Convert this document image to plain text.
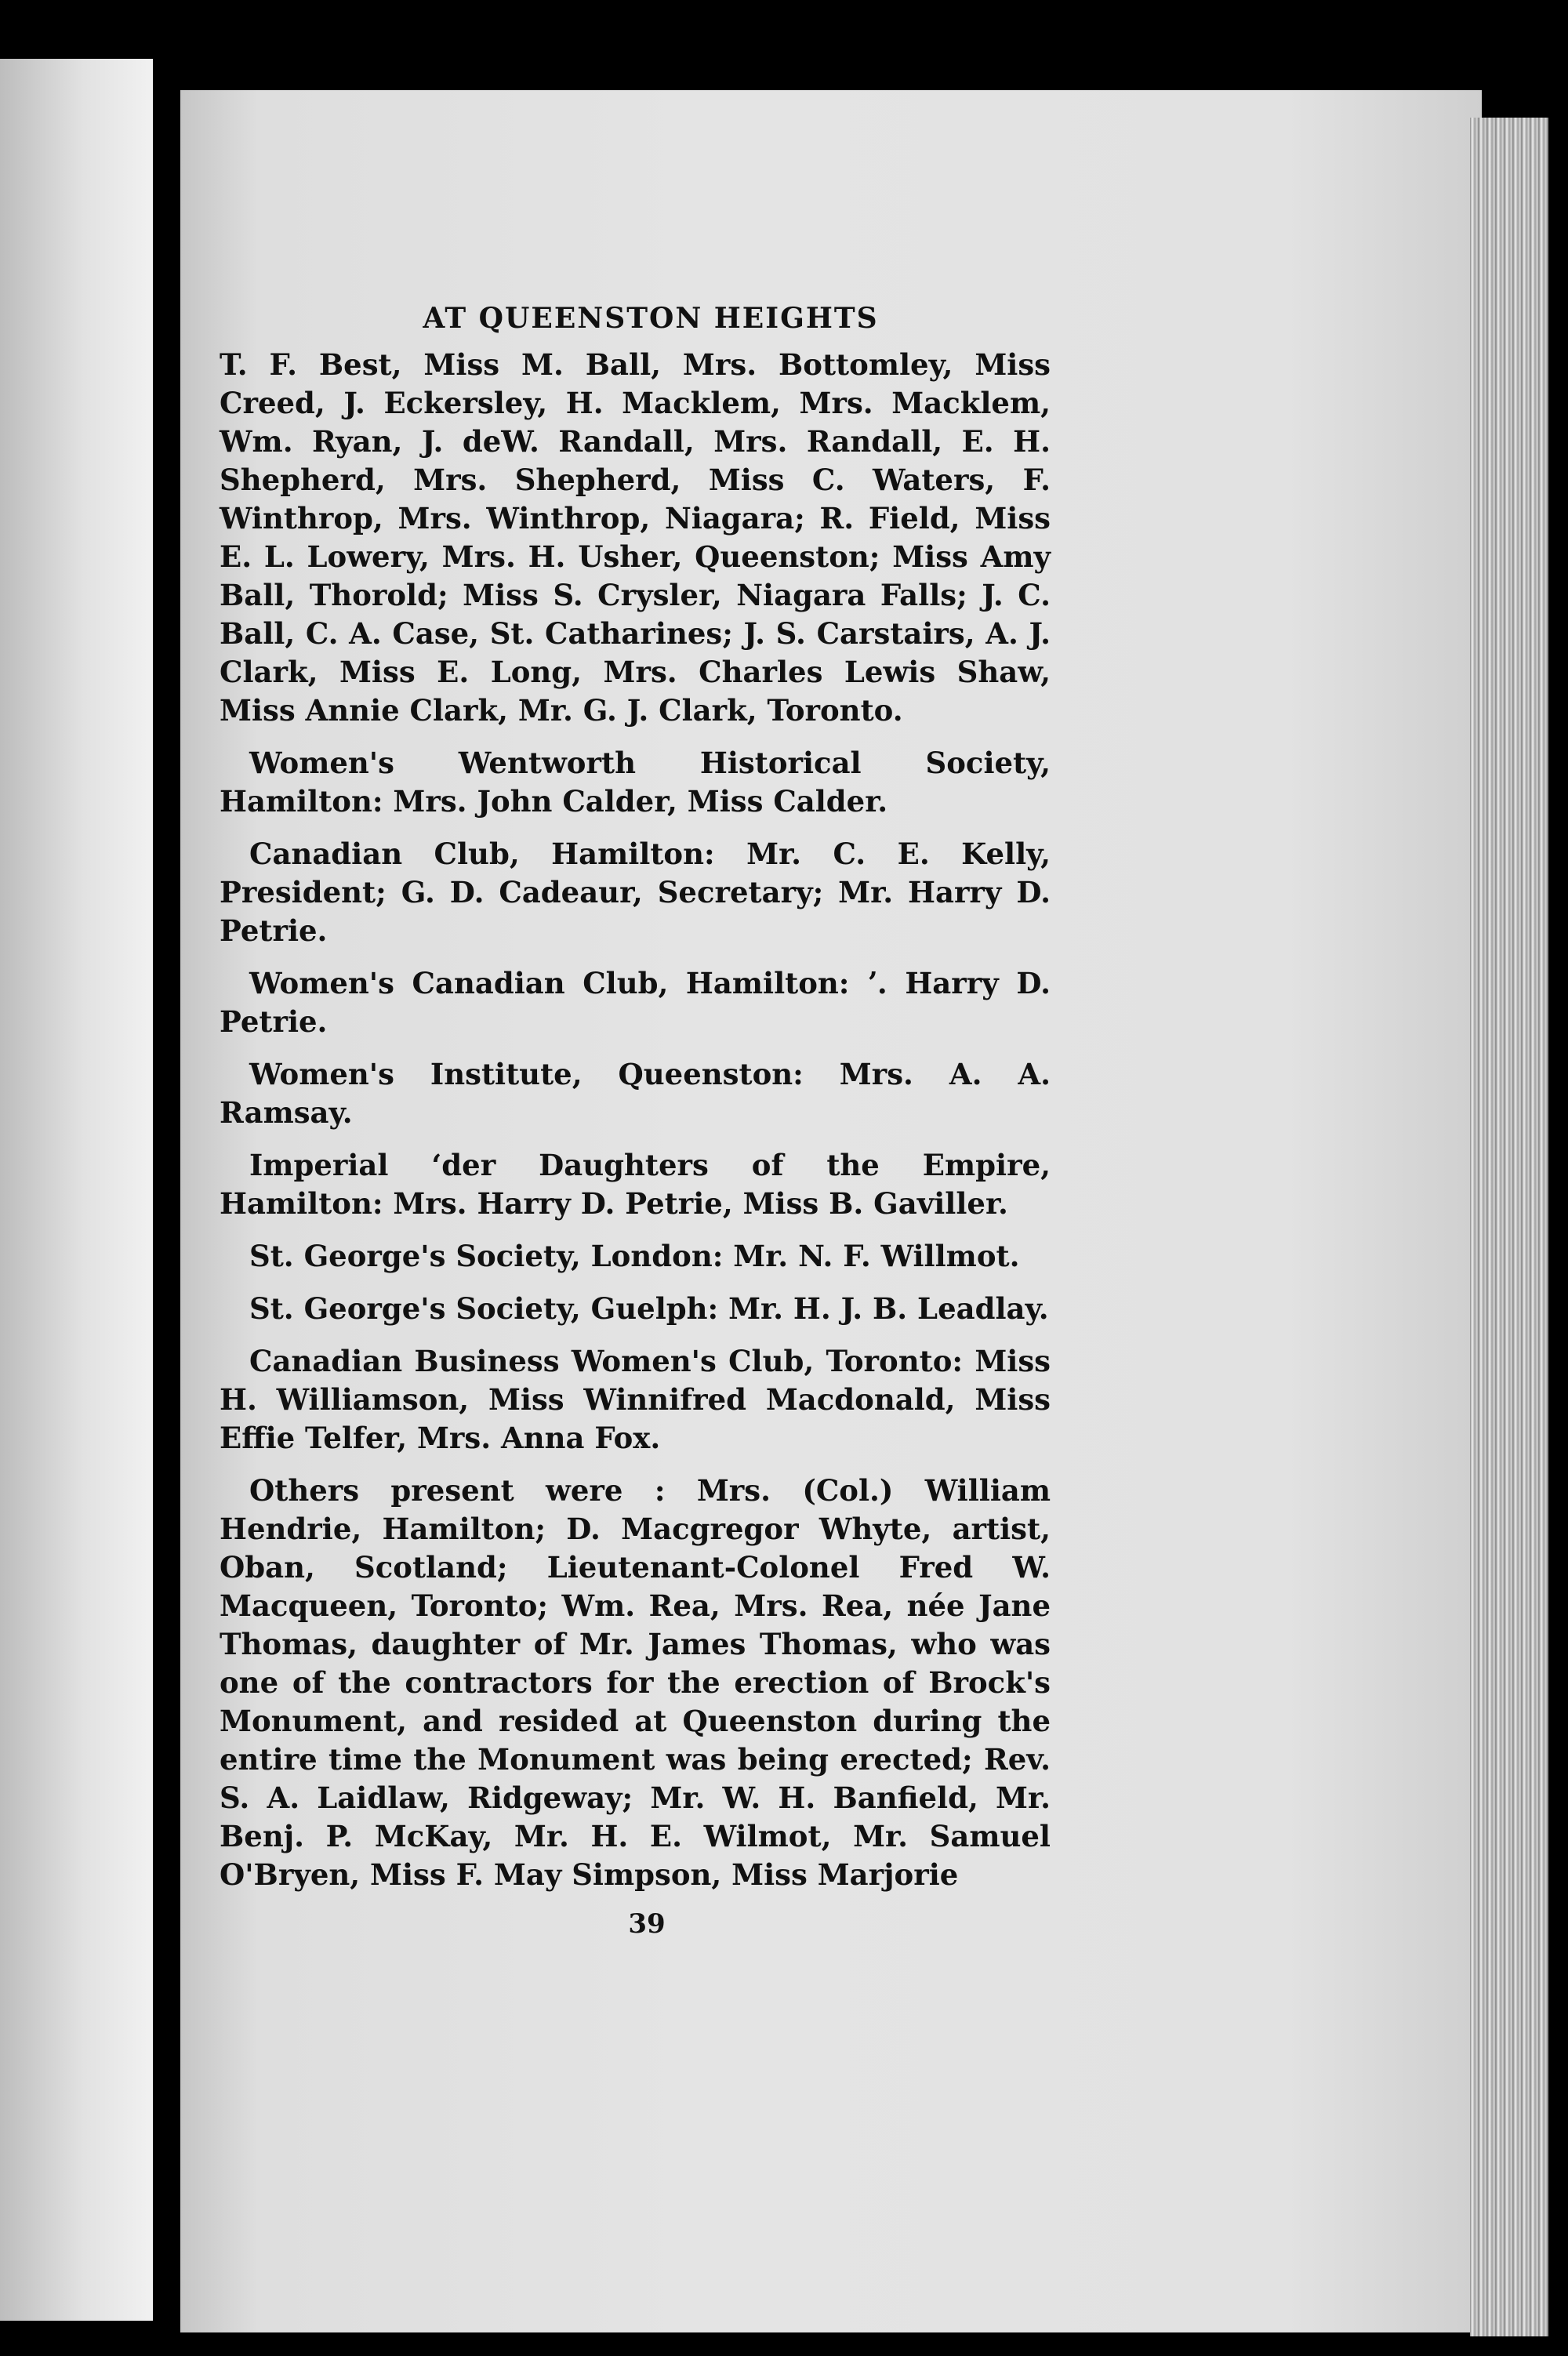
AT QUEENSTON HEIGHTS

T. F. Best, Miss M. Ball, Mrs. Bottomley, Miss Creed, J. Eckersley, H. Macklem, Mrs. Macklem, Wm. Ryan, J. deW. Randall, Mrs. Randall, E. H. Shepherd, Mrs. Shepherd, Miss C. Waters, F. Winthrop, Mrs. Winthrop, Niagara; R. Field, Miss E. L. Lowery, Mrs. H. Usher, Queenston; Miss Amy Ball, Thorold; Miss S. Crysler, Niagara Falls; J. C. Ball, C. A. Case, St. Catharines; J. S. Carstairs, A. J. Clark, Miss E. Long, Mrs. Charles Lewis Shaw, Miss Annie Clark, Mr. G. J. Clark, Toronto.

Women's Wentworth Historical Society, Hamilton: Mrs. John Calder, Miss Calder.

Canadian Club, Hamilton: Mr. C. E. Kelly, President; G. D. Cadeaur, Secretary; Mr. Harry D. Petrie.

Women's Canadian Club, Hamilton: ʼ. Harry D. Petrie.

Women's Institute, Queenston: Mrs. A. A. Ramsay.

Imperial ‘der Daughters of the Empire, Hamilton: Mrs. Harry D. Petrie, Miss B. Gaviller.

St. George's Society, London: Mr. N. F. Willmot.

St. George's Society, Guelph: Mr. H. J. B. Leadlay.

Canadian Business Women's Club, Toronto: Miss H. Williamson, Miss Winnifred Macdonald, Miss Effie Telfer, Mrs. Anna Fox.

Others present were : Mrs. (Col.) William Hendrie, Hamilton; D. Macgregor Whyte, artist, Oban, Scotland; Lieutenant-Colonel Fred W. Macqueen, Toronto; Wm. Rea, Mrs. Rea, née Jane Thomas, daughter of Mr. James Thomas, who was one of the contractors for the erection of Brock's Monument, and resided at Queenston during the entire time the Monument was being erected; Rev. S. A. Laidlaw, Ridgeway; Mr. W. H. Banfield, Mr. Benj. P. McKay, Mr. H. E. Wilmot, Mr. Samuel O'Bryen, Miss F. May Simpson, Miss Marjorie

39
